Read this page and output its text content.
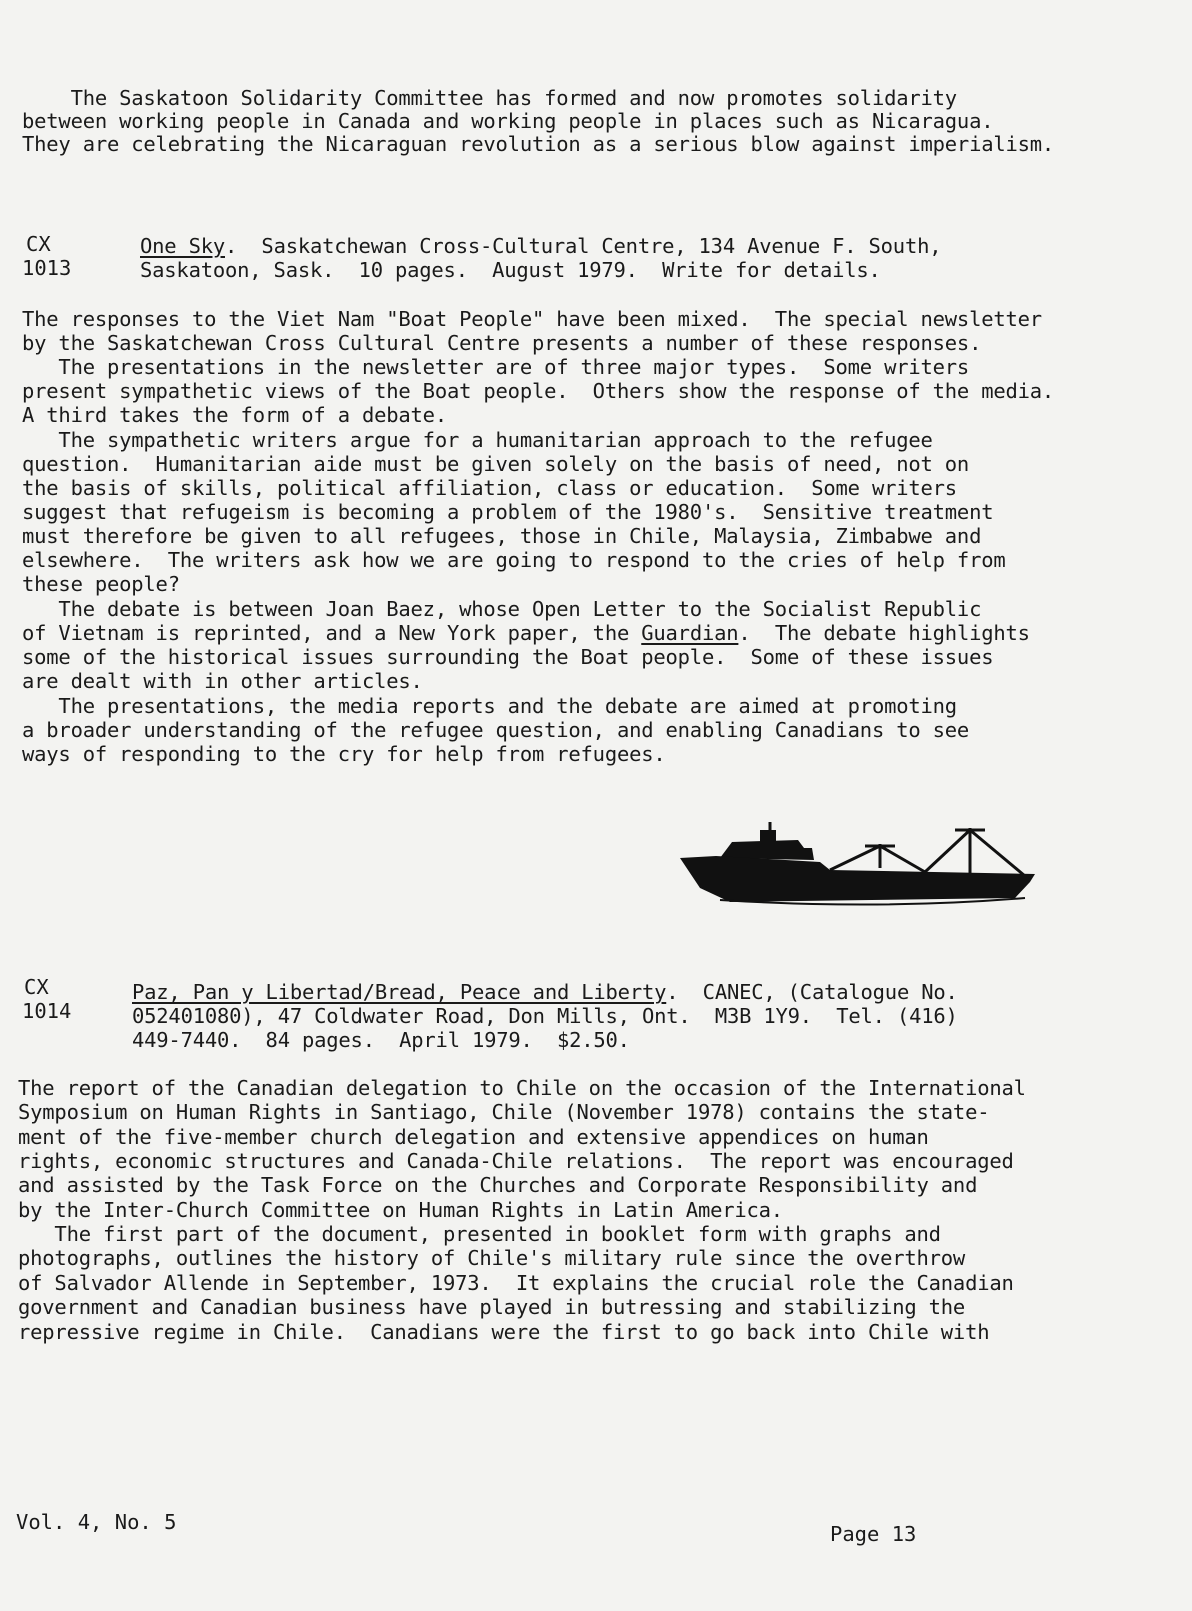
The Saskatoon Solidarity Committee has formed and now promotes solidarity
between working people in Canada and working people in places such as Nicaragua.
They are celebrating the Nicaraguan revolution as a serious blow against imperialism.
CX
1013
One Sky.  Saskatchewan Cross-Cultural Centre, 134 Avenue F. South,
Saskatoon, Sask.  10 pages.  August 1979.  Write for details.
The responses to the Viet Nam "Boat People" have been mixed.  The special newsletter
by the Saskatchewan Cross Cultural Centre presents a number of these responses.
The presentations in the newsletter are of three major types.  Some writers
present sympathetic views of the Boat people.  Others show the response of the media.
A third takes the form of a debate.
The sympathetic writers argue for a humanitarian approach to the refugee
question.  Humanitarian aide must be given solely on the basis of need, not on
the basis of skills, political affiliation, class or education.  Some writers
suggest that refugeism is becoming a problem of the 1980's.  Sensitive treatment
must therefore be given to all refugees, those in Chile, Malaysia, Zimbabwe and
elsewhere.  The writers ask how we are going to respond to the cries of help from
these people?
The debate is between Joan Baez, whose Open Letter to the Socialist Republic
of Vietnam is reprinted, and a New York paper, the Guardian.  The debate highlights
some of the historical issues surrounding the Boat people.  Some of these issues
are dealt with in other articles.
The presentations, the media reports and the debate are aimed at promoting
a broader understanding of the refugee question, and enabling Canadians to see
ways of responding to the cry for help from refugees.
CX
1014
Paz, Pan y Libertad/Bread, Peace and Liberty.  CANEC, (Catalogue No.
052401080), 47 Coldwater Road, Don Mills, Ont.  M3B 1Y9.  Tel. (416)
449-7440.  84 pages.  April 1979.  $2.50.
The report of the Canadian delegation to Chile on the occasion of the International
Symposium on Human Rights in Santiago, Chile (November 1978) contains the state-
ment of the five-member church delegation and extensive appendices on human
rights, economic structures and Canada-Chile relations.  The report was encouraged
and assisted by the Task Force on the Churches and Corporate Responsibility and
by the Inter-Church Committee on Human Rights in Latin America.
The first part of the document, presented in booklet form with graphs and
photographs, outlines the history of Chile's military rule since the overthrow
of Salvador Allende in September, 1973.  It explains the crucial role the Canadian
government and Canadian business have played in butressing and stabilizing the
repressive regime in Chile.  Canadians were the first to go back into Chile with
Vol. 4, No. 5	Page 13
